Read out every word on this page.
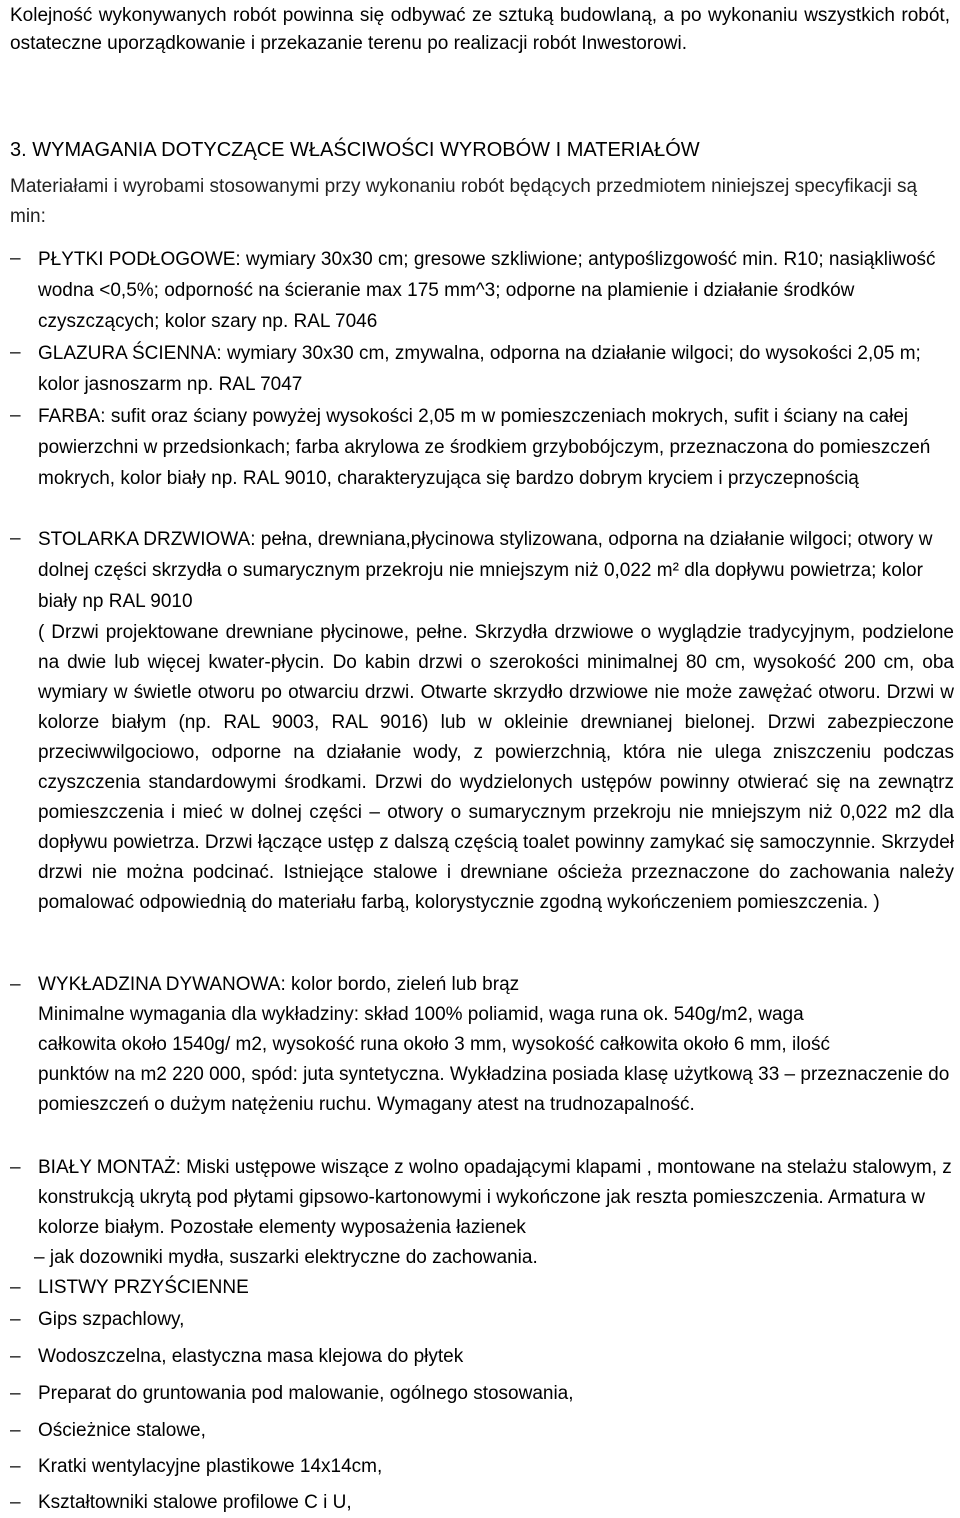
Kolejność wykonywanych robót powinna się odbywać ze sztuką budowlaną, a po wykonaniu wszystkich robót, ostateczne uporządkowanie i przekazanie terenu po realizacji robót Inwestorowi.

3. WYMAGANIA DOTYCZĄCE WŁAŚCIWOŚCI WYROBÓW I MATERIAŁÓW

Materiałami i wyrobami stosowanymi przy wykonaniu robót będących przedmiotem niniejszej specyfikacji są min:

– PŁYTKI PODŁOGOWE: wymiary 30x30 cm; gresowe szkliwione; antypoślizgowość min. R10; nasiąkliwość wodna <0,5%; odporność na ścieranie max 175 mm^3; odporne na plamienie i działanie środków czyszczących; kolor szary np. RAL 7046

– GLAZURA ŚCIENNA: wymiary 30x30 cm, zmywalna, odporna na działanie wilgoci; do wysokości 2,05 m; kolor jasnoszarm np. RAL 7047

– FARBA: sufit oraz ściany powyżej wysokości 2,05 m w pomieszczeniach mokrych, sufit i ściany na całej powierzchni w przedsionkach; farba akrylowa ze środkiem grzybobójczym, przeznaczona do pomieszczeń mokrych, kolor biały np. RAL 9010, charakteryzująca się bardzo dobrym kryciem i przyczepnością

– STOLARKA DRZWIOWA: pełna, drewniana,płycinowa stylizowana, odporna na działanie wilgoci; otwory w dolnej części skrzydła o sumarycznym przekroju nie mniejszym niż 0,022 m² dla dopływu powietrza; kolor biały np RAL 9010

( Drzwi projektowane drewniane płycinowe, pełne. Skrzydła drzwiowe o wyglądzie tradycyjnym, podzielone na dwie lub więcej kwater-płycin. Do kabin drzwi o szerokości minimalnej 80 cm, wysokość 200 cm, oba wymiary w świetle otworu po otwarciu drzwi. Otwarte skrzydło drzwiowe nie może zawężać otworu. Drzwi w kolorze białym (np. RAL 9003, RAL 9016) lub w okleinie drewnianej bielonej. Drzwi zabezpieczone przeciwwilgociowo, odporne na działanie wody, z powierzchnią, która nie ulega zniszczeniu podczas czyszczenia standardowymi środkami. Drzwi do wydzielonych ustępów powinny otwierać się na zewnątrz pomieszczenia i mieć w dolnej części – otwory o sumarycznym przekroju nie mniejszym niż 0,022 m2 dla dopływu powietrza. Drzwi łączące ustęp z dalszą częścią toalet powinny zamykać się samoczynnie. Skrzydeł drzwi nie można podcinać. Istniejące stalowe i drewniane ościeża przeznaczone do zachowania należy pomalować odpowiednią do materiału farbą, kolorystycznie zgodną wykończeniem pomieszczenia. )

– WYKŁADZINA DYWANOWA: kolor bordo, zieleń lub brąz

Minimalne wymagania dla wykładziny: skład 100% poliamid, waga runa ok. 540g/m2, waga

całkowita około 1540g/ m2, wysokość runa około 3 mm, wysokość całkowita około 6 mm, ilość

punktów na m2 220 000, spód: juta syntetyczna. Wykładzina posiada klasę użytkową 33 – przeznaczenie do pomieszczeń o dużym natężeniu ruchu. Wymagany atest na trudnozapalność.

– BIAŁY MONTAŻ: Miski ustępowe wiszące z wolno opadającymi klapami , montowane na stelażu stalowym, z konstrukcją ukrytą pod płytami gipsowo-kartonowymi i wykończone jak reszta pomieszczenia. Armatura w kolorze białym. Pozostałe elementy wyposażenia łazienek

– jak dozowniki mydła, suszarki elektryczne do zachowania.

– LISTWY PRZYŚCIENNE

– Gips szpachlowy,

– Wodoszczelna, elastyczna masa klejowa do płytek

– Preparat do gruntowania pod malowanie, ogólnego stosowania,

– Ościeżnice stalowe,

– Kratki wentylacyjne plastikowe 14x14cm,

– Kształtowniki stalowe profilowe C i U,
